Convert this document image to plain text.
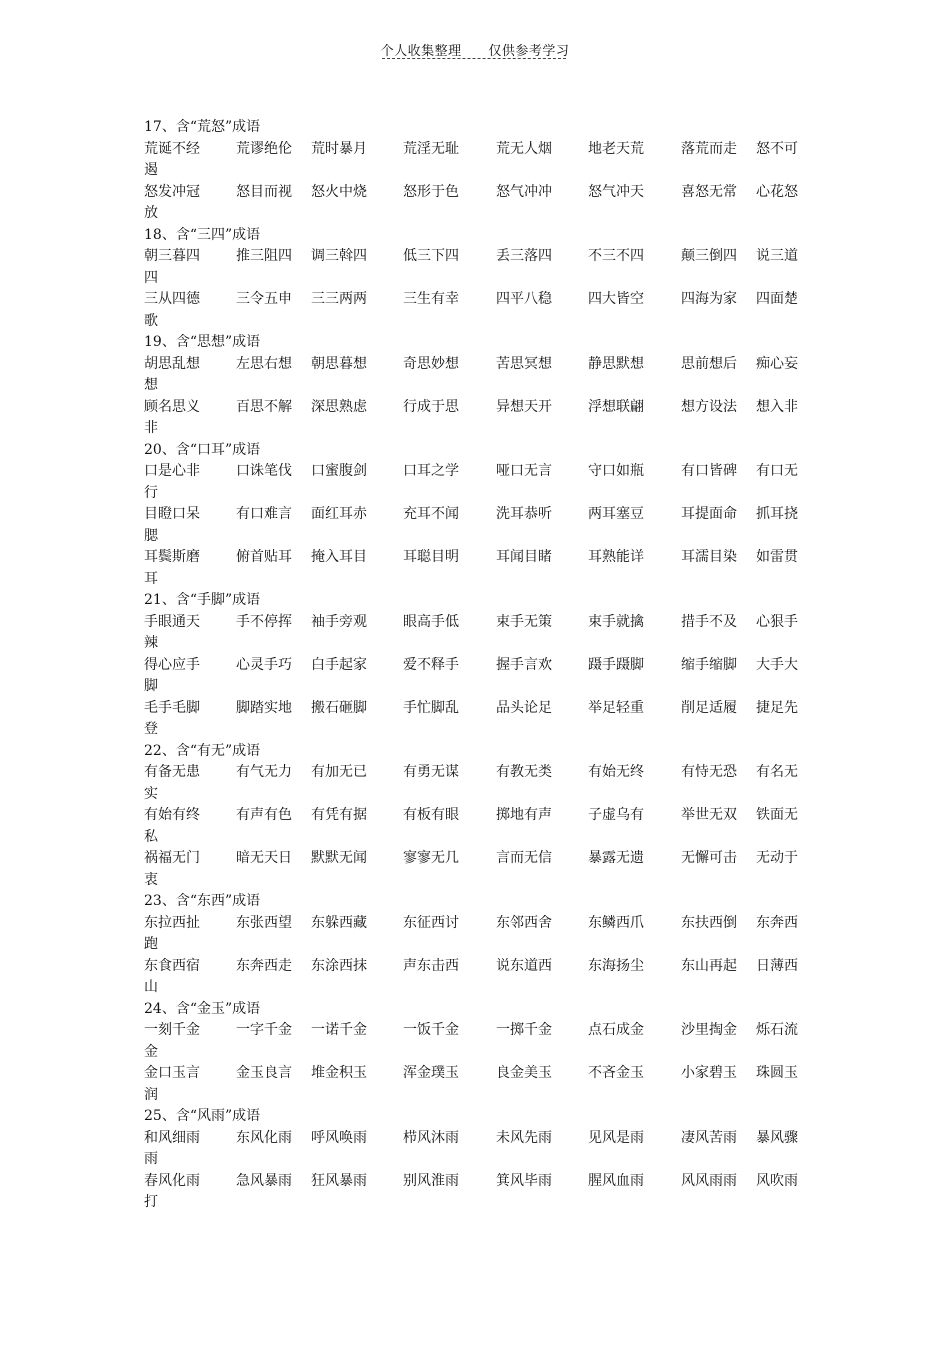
个人收集整理 仅供参考学习
17、含“荒怒”成语
荒诞不经	荒谬绝伦 荒时暴月	荒淫无耻	荒无人烟	地老天荒	落荒而走 怒不可
遏
怒发冲冠	怒目而视 怒火中烧	怒形于色	怒气冲冲	怒气冲天	喜怒无常 心花怒
放
18、含“三四”成语
朝三暮四	推三阻四 调三斡四	低三下四	丢三落四	不三不四	颠三倒四 说三道
四
三从四德	三令五申 三三两两	三生有幸	四平八稳	四大皆空	四海为家 四面楚
歌
19、含“思想”成语
胡思乱想	左思右想 朝思暮想	奇思妙想	苦思冥想	静思默想	思前想后 痴心妄
想
顾名思义	百思不解 深思熟虑	行成于思	异想天开	浮想联翩	想方设法 想入非
非
20、含“口耳”成语
口是心非	口诛笔伐 口蜜腹剑	口耳之学	哑口无言	守口如瓶	有口皆碑 有口无
行
目瞪口呆	有口难言 面红耳赤	充耳不闻	洗耳恭听	两耳塞豆	耳提面命 抓耳挠
腮
耳鬓斯磨	俯首贴耳 掩入耳目	耳聪目明	耳闻目睹	耳熟能详	耳濡目染 如雷贯
耳
21、含“手脚”成语
手眼通天	手不停挥 袖手旁观	眼高手低	束手无策	束手就擒	措手不及 心狠手
辣
得心应手	心灵手巧 白手起家	爱不释手	握手言欢	蹑手蹑脚	缩手缩脚 大手大
脚
毛手毛脚	脚踏实地 搬石砸脚	手忙脚乱	品头论足	举足轻重	削足适履 捷足先
登
22、含“有无”成语
有备无患	有气无力 有加无已	有勇无谋	有教无类	有始无终	有恃无恐 有名无
实
有始有终	有声有色 有凭有据	有板有眼	掷地有声	子虚乌有	举世无双 铁面无
私
祸福无门	暗无天日 默默无闻	寥寥无几	言而无信	暴露无遗	无懈可击 无动于
衷
23、含“东西”成语
东拉西扯	东张西望 东躲西藏	东征西讨	东邻西舍	东鳞西爪	东扶西倒 东奔西
跑
东食西宿	东奔西走 东涂西抹	声东击西	说东道西	东海扬尘	东山再起 日薄西
山
24、含“金玉”成语
一刻千金	一字千金 一诺千金	一饭千金	一掷千金	点石成金	沙里掏金 烁石流
金
金口玉言	金玉良言 堆金积玉	浑金璞玉	良金美玉	不吝金玉	小家碧玉 珠圆玉
润
25、含“风雨”成语
和风细雨	东风化雨 呼风唤雨	栉风沐雨	未风先雨	见风是雨	凄风苦雨 暴风骤
雨
春风化雨	急风暴雨 狂风暴雨	别风淮雨	箕风毕雨	腥风血雨	风风雨雨 风吹雨
打
